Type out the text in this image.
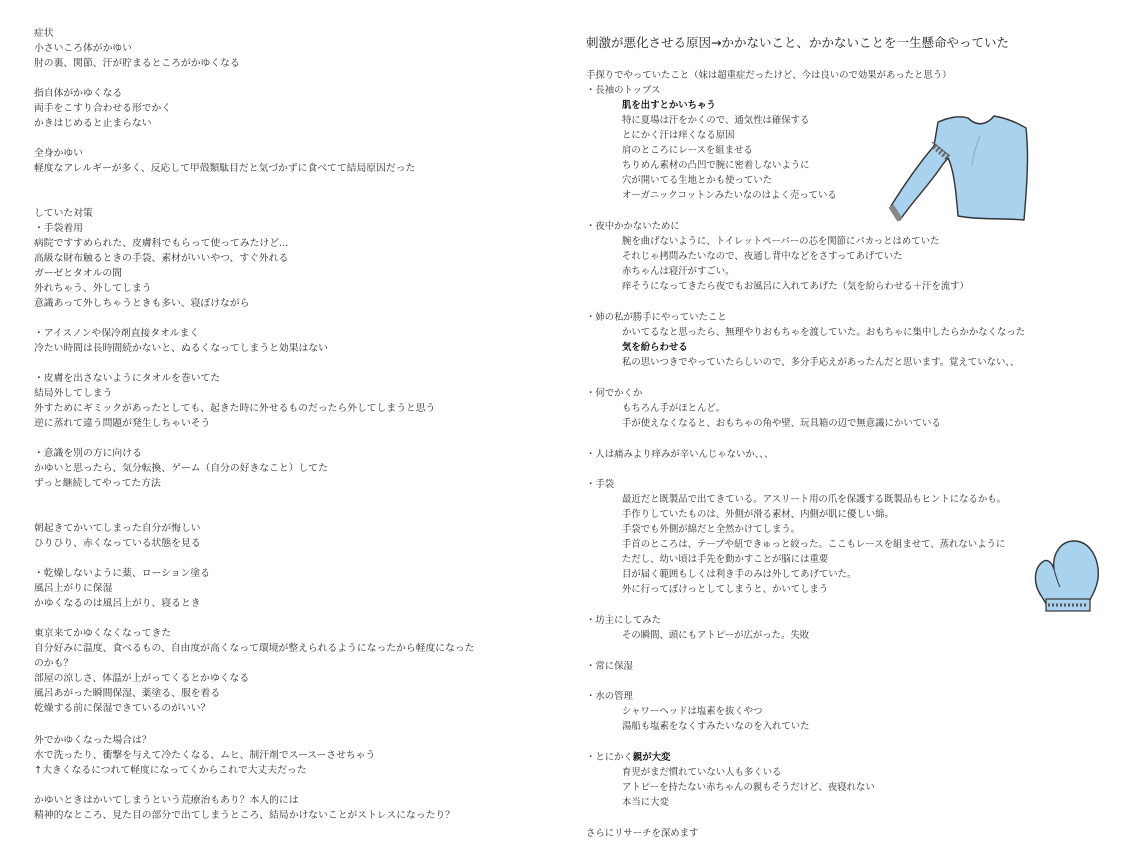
症状
小さいころ体がかゆい
肘の裏、関節、汗が貯まるところがかゆくなる
指自体がかゆくなる
両手をこすり合わせる形でかく
かきはじめると止まらない
全身かゆい
軽度なアレルギーが多く、反応して甲殻類駄目だと気づかずに食べてて結局原因だった
していた対策
・手袋着用
病院ですすめられた、皮膚科でもらって使ってみたけど...
高級な財布触るときの手袋、素材がいいやつ、すぐ外れる
ガーゼとタオルの間
外れちゃう、外してしまう
意識あって外しちゃうときも多い、寝ぼけながら
・アイスノンや保冷剤直接タオルまく
冷たい時間は長時間続かないと、ぬるくなってしまうと効果はない
・皮膚を出さないようにタオルを巻いてた
結局外してしまう
外すためにギミックがあったとしても、起きた時に外せるものだったら外してしまうと思う
逆に蒸れて違う問題が発生しちゃいそう
・意識を別の方に向ける
かゆいと思ったら、気分転換、ゲーム（自分の好きなこと）してた
ずっと継続してやってた方法
朝起きてかいてしまった自分が悔しい
ひりひり、赤くなっている状態を見る
・乾燥しないように薬、ローション塗る
風呂上がりに保湿
かゆくなるのは風呂上がり、寝るとき
東京来てかゆくなくなってきた
自分好みに温度、食べるもの、自由度が高くなって環境が整えられるようになったから軽度になった
のかも？
部屋の涼しさ、体温が上がってくるとかゆくなる
風呂あがった瞬間保湿、薬塗る、服を着る
乾燥する前に保湿できているのがいい？
外でかゆくなった場合は？
水で洗ったり、衝撃を与えて冷たくなる、ムヒ、制汗剤でスースーさせちゃう
↑大きくなるにつれて軽度になってくからこれで大丈夫だった
かゆいときはかいてしまうという荒療治もあり？本人的には
精神的なところ、見た目の部分で出てしまうところ、結局かけないことがストレスになったり？
刺激が悪化させる原因→かかないこと、かかないことを一生懸命やっていた
手探りでやっていたこと（妹は超重症だったけど、今は良いので効果があったと思う）
・長袖のトップス
肌を出すとかいちゃう
特に夏場は汗をかくので、通気性は確保する
とにかく汗は痒くなる原因
肩のところにレースを組ませる
ちりめん素材の凸凹で腕に密着しないように
穴が開いてる生地とかも使っていた
オーガニックコットンみたいなのはよく売っている
・夜中かかないために
腕を曲げないように、トイレットペーパーの芯を関節にパカっとはめていた
それじゃ拷問みたいなので、夜通し背中などをさすってあげていた
赤ちゃんは寝汗がすごい。
痒そうになってきたら夜でもお風呂に入れてあげた（気を紛らわせる＋汗を流す）
・姉の私が勝手にやっていたこと
かいてるなと思ったら、無理やりおもちゃを渡していた。おもちゃに集中したらかかなくなった
気を紛らわせる
私の思いつきでやっていたらしいので、多分手応えがあったんだと思います。覚えていない、、
・何でかくか
もちろん手がほとんど。
手が使えなくなると、おもちゃの角や壁、玩具箱の辺で無意識にかいている
・人は痛みより痒みが辛いんじゃないか、、、
・手袋
最近だと既製品で出てきている。アスリート用の爪を保護する既製品もヒントになるかも。
手作りしていたものは、外側が滑る素材、内側が肌に優しい綿。
手袋でも外側が綿だと全然かけてしまう。
手首のところは、テープや紐できゅっと絞った。ここもレースを組ませて、蒸れないように
ただし、幼い頃は手先を動かすことが脳には重要
目が届く範囲もしくは利き手のみは外してあげていた。
外に行ってぼけっとしてしまうと、かいてしまう
・坊主にしてみた
その瞬間、頭にもアトピーが広がった。失敗
・常に保湿
・水の管理
シャワーヘッドは塩素を抜くやつ
湯船も塩素をなくすみたいなのを入れていた
・とにかく親が大変
育児がまだ慣れていない人も多くいる
アトピーを持たない赤ちゃんの親もそうだけど、夜寝れない
本当に大変
さらにリサーチを深めます
